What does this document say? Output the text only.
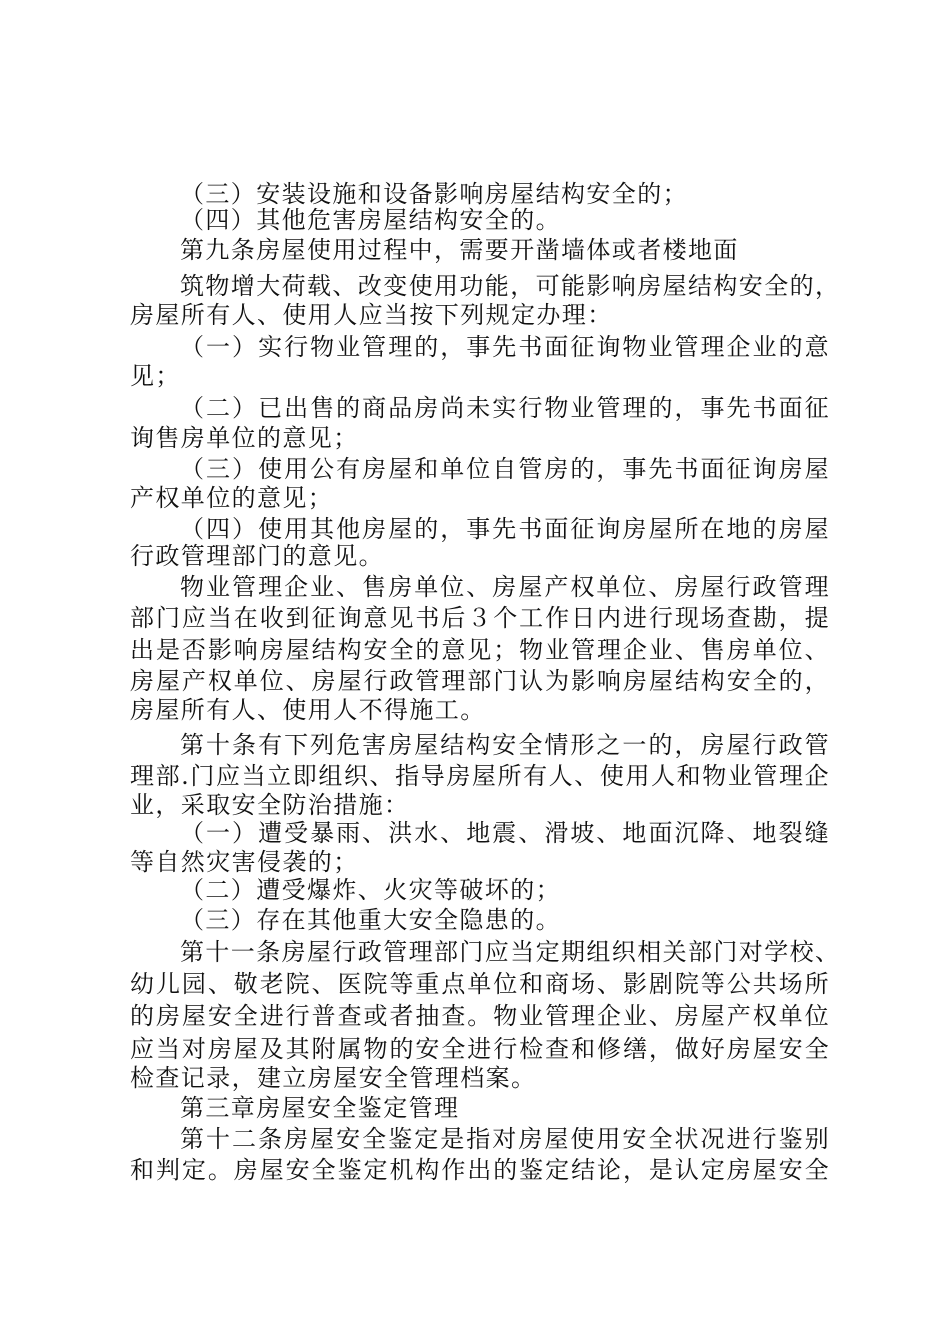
（三）安装设施和设备影响房屋结构安全的；
（四）其他危害房屋结构安全的。
第九条房屋使用过程中，需要开凿墙体或者楼地面
筑物增大荷载、改变使用功能，可能影响房屋结构安全的，
房屋所有人、使用人应当按下列规定办理：
（一）实行物业管理的，事先书面征询物业管理企业的意
见；
（二）已出售的商品房尚未实行物业管理的，事先书面征
询售房单位的意见；
（三）使用公有房屋和单位自管房的，事先书面征询房屋
产权单位的意见；
（四）使用其他房屋的，事先书面征询房屋所在地的房屋
行政管理部门的意见。
物业管理企业、售房单位、房屋产权单位、房屋行政管理
部门应当在收到征询意见书后３个工作日内进行现场查勘，提
出是否影响房屋结构安全的意见；物业管理企业、售房单位、
房屋产权单位、房屋行政管理部门认为影响房屋结构安全的，
房屋所有人、使用人不得施工。
第十条有下列危害房屋结构安全情形之一的，房屋行政管
理部.门应当立即组织、指导房屋所有人、使用人和物业管理企
业，采取安全防治措施：
（一）遭受暴雨、洪水、地震、滑坡、地面沉降、地裂缝
等自然灾害侵袭的；
（二）遭受爆炸、火灾等破坏的；
（三）存在其他重大安全隐患的。
第十一条房屋行政管理部门应当定期组织相关部门对学校、
幼儿园、敬老院、医院等重点单位和商场、影剧院等公共场所
的房屋安全进行普查或者抽查。物业管理企业、房屋产权单位
应当对房屋及其附属物的安全进行检查和修缮，做好房屋安全
检查记录，建立房屋安全管理档案。
第三章房屋安全鉴定管理
第十二条房屋安全鉴定是指对房屋使用安全状况进行鉴别
和判定。房屋安全鉴定机构作出的鉴定结论，是认定房屋安全
